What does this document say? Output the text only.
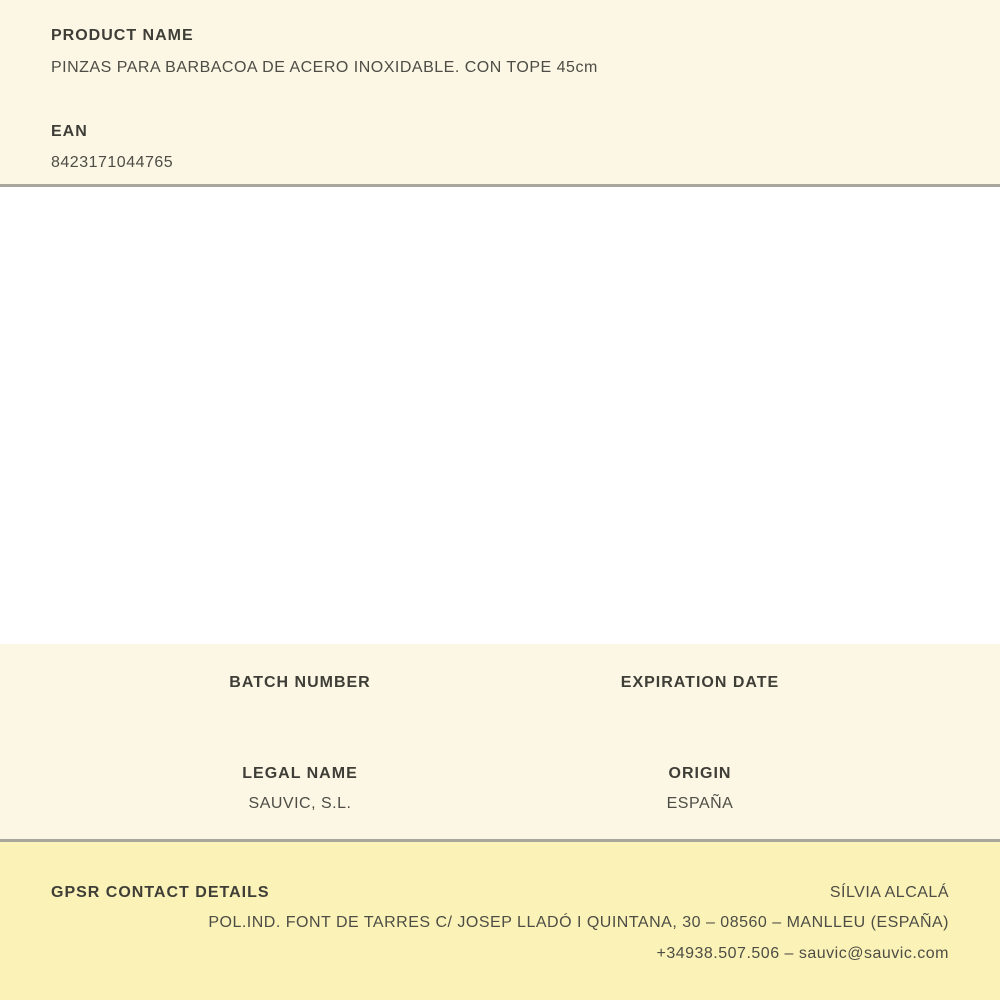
PRODUCT NAME
PINZAS PARA BARBACOA DE ACERO INOXIDABLE. CON TOPE 45cm
EAN
8423171044765
BATCH NUMBER	EXPIRATION DATE
LEGAL NAME
SAUVIC, S.L.
ORIGIN
ESPAÑA
GPSR CONTACT DETAILS	SÍLVIA ALCALÁ
POL.IND. FONT DE TARRES C/ JOSEP LLADÓ I QUINTANA, 30 – 08560 – MANLLEU (ESPAÑA)
+34938.507.506 – sauvic@sauvic.com
